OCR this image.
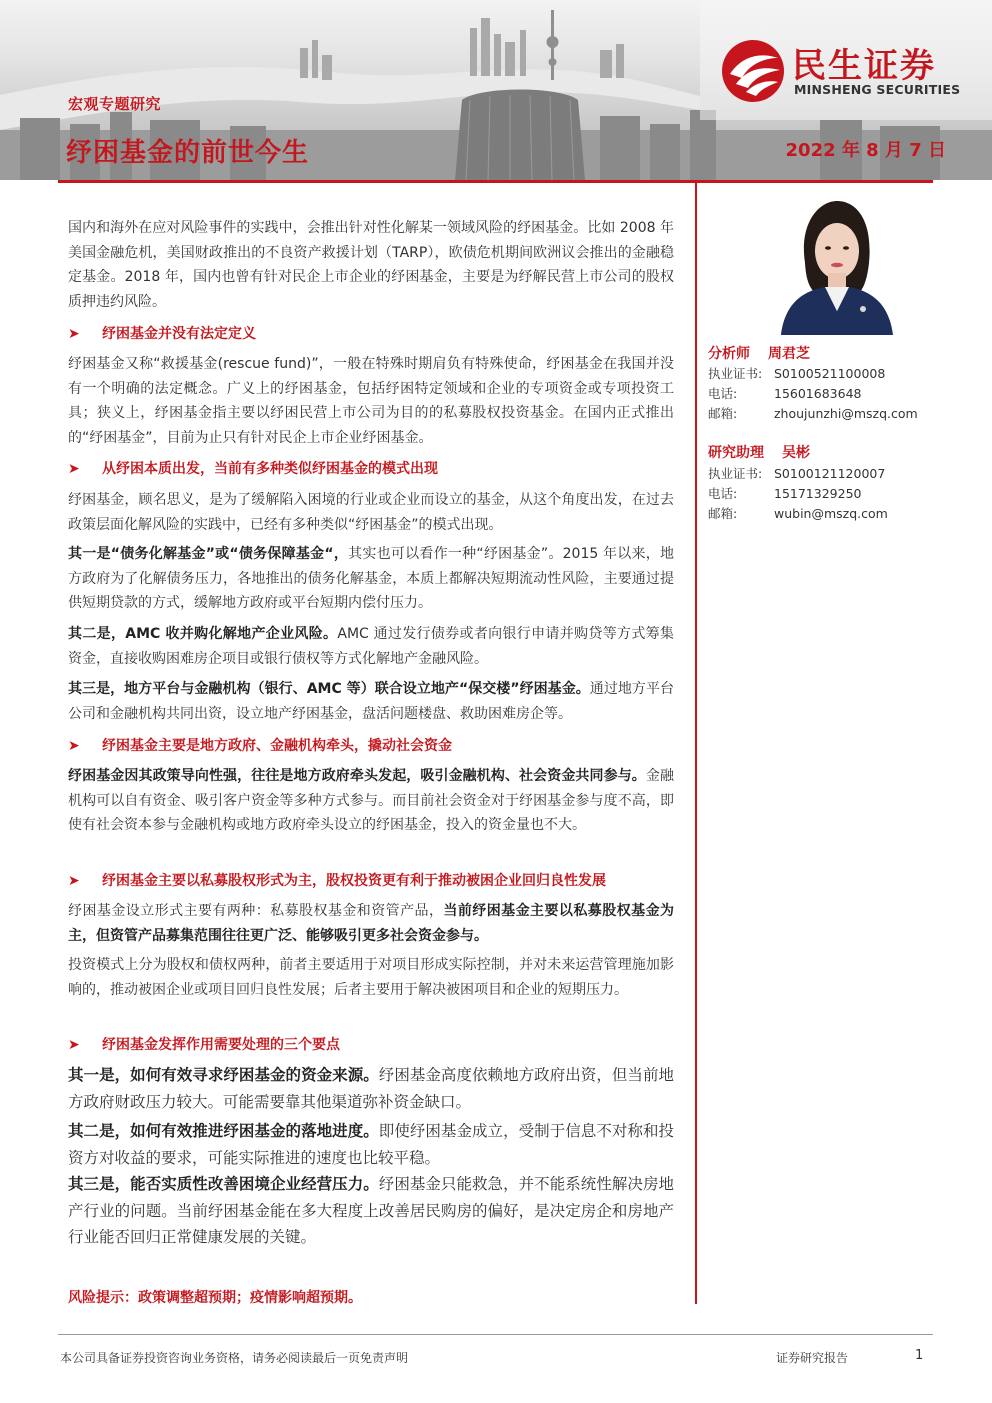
民生证券
MINSHENG SECURITIES
宏观专题研究
纾困基金的前世今生	2022 年 8 月 7 日
国内和海外在应对风险事件的实践中，会推出针对性化解某一领域风险的纾困基金。比如 2008 年美国金融危机，美国财政推出的不良资产救援计划（TARP），欧债危机期间欧洲议会推出的金融稳定基金。2018 年，国内也曾有针对民企上市企业的纾困基金，主要是为纾解民营上市公司的股权质押违约风险。
➤ 纾困基金并没有法定定义
纾困基金又称“救援基金(rescue fund)”，一般在特殊时期肩负有特殊使命，纾困基金在我国并没有一个明确的法定概念。广义上的纾困基金，包括纾困特定领域和企业的专项资金或专项投资工具；狭义上，纾困基金指主要以纾困民营上市公司为目的的私募股权投资基金。在国内正式推出的“纾困基金”，目前为止只有针对民企上市企业纾困基金。
➤ 从纾困本质出发，当前有多种类似纾困基金的模式出现
纾困基金，顾名思义，是为了缓解陷入困境的行业或企业而设立的基金，从这个角度出发，在过去政策层面化解风险的实践中，已经有多种类似“纾困基金”的模式出现。
其一是“债务化解基金”或“债务保障基金“，其实也可以看作一种“纾困基金”。2015 年以来，地方政府为了化解债务压力，各地推出的债务化解基金，本质上都解决短期流动性风险，主要通过提供短期贷款的方式，缓解地方政府或平台短期内偿付压力。
其二是，AMC 收并购化解地产企业风险。AMC 通过发行债券或者向银行申请并购贷等方式筹集资金，直接收购困难房企项目或银行债权等方式化解地产金融风险。
其三是，地方平台与金融机构（银行、AMC 等）联合设立地产“保交楼”纾困基金。通过地方平台公司和金融机构共同出资，设立地产纾困基金，盘活问题楼盘、救助困难房企等。
➤ 纾困基金主要是地方政府、金融机构牵头，撬动社会资金
纾困基金因其政策导向性强，往往是地方政府牵头发起，吸引金融机构、社会资金共同参与。金融机构可以自有资金、吸引客户资金等多种方式参与。而目前社会资金对于纾困基金参与度不高，即使有社会资本参与金融机构或地方政府牵头设立的纾困基金，投入的资金量也不大。
➤ 纾困基金主要以私募股权形式为主，股权投资更有利于推动被困企业回归良性发展
纾困基金设立形式主要有两种：私募股权基金和资管产品，当前纾困基金主要以私募股权基金为主，但资管产品募集范围往往更广泛、能够吸引更多社会资金参与。
投资模式上分为股权和债权两种，前者主要适用于对项目形成实际控制，并对未来运营管理施加影响的，推动被困企业或项目回归良性发展；后者主要用于解决被困项目和企业的短期压力。
➤ 纾困基金发挥作用需要处理的三个要点
其一是，如何有效寻求纾困基金的资金来源。纾困基金高度依赖地方政府出资，但当前地方政府财政压力较大。可能需要靠其他渠道弥补资金缺口。
其二是，如何有效推进纾困基金的落地进度。即使纾困基金成立，受制于信息不对称和投资方对收益的要求，可能实际推进的速度也比较平稳。
其三是，能否实质性改善困境企业经营压力。纾困基金只能救急，并不能系统性解决房地产行业的问题。当前纾困基金能在多大程度上改善居民购房的偏好，是决定房企和房地产行业能否回归正常健康发展的关键。
风险提示：政策调整超预期；疫情影响超预期。
分析师 周君芝
执业证书: S0100521100008
电话:	15601683648
邮箱:	zhoujunzhi@mszq.com
研究助理 吴彬
执业证书: S0100121120007
电话:	15171329250
邮箱:	wubin@mszq.com
本公司具备证券投资咨询业务资格，请务必阅读最后一页免责声明	证券研究报告	1
